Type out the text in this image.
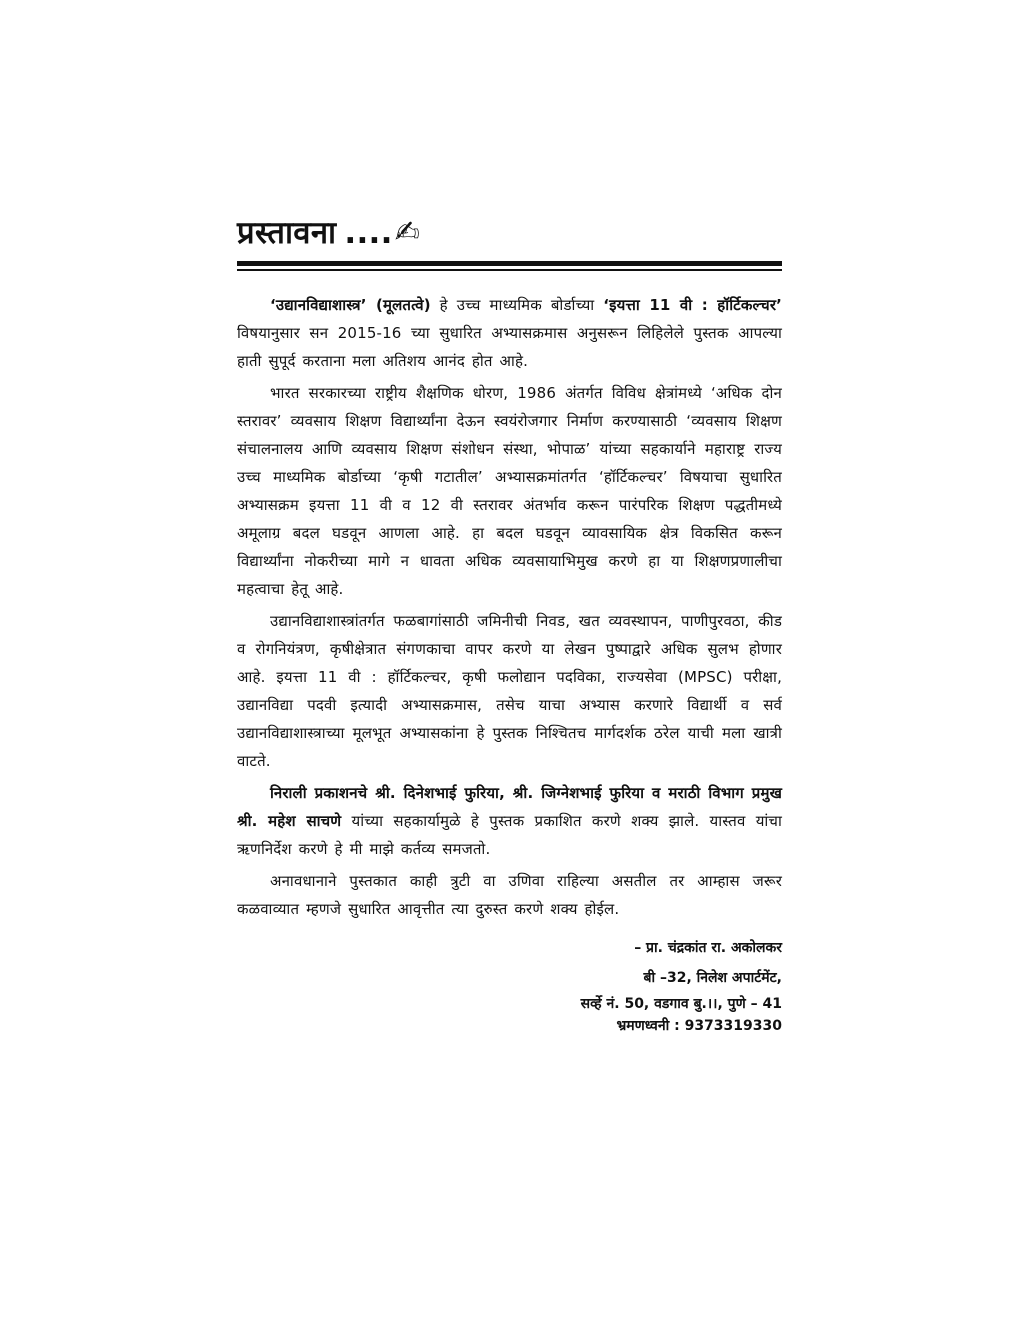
प्रस्तावना .... ✍

‘उद्यानविद्याशास्त्र’ (मूलतत्वे) हे उच्च माध्यमिक बोर्डाच्या ‘इयत्ता 11 वी : हॉर्टिकल्चर’ विषयानुसार सन 2015-16 च्या सुधारित अभ्यासक्रमास अनुसरून लिहिलेले पुस्तक आपल्या हाती सुपूर्द करताना मला अतिशय आनंद होत आहे.

भारत सरकारच्या राष्ट्रीय शैक्षणिक धोरण, 1986 अंतर्गत विविध क्षेत्रांमध्ये ‘अधिक दोन स्तरावर’ व्यवसाय शिक्षण विद्यार्थ्यांना देऊन स्वयंरोजगार निर्माण करण्यासाठी ‘व्यवसाय शिक्षण संचालनालय आणि व्यवसाय शिक्षण संशोधन संस्था, भोपाळ’ यांच्या सहकार्याने महाराष्ट्र राज्य उच्च माध्यमिक बोर्डाच्या ‘कृषी गटातील’ अभ्यासक्रमांतर्गत ‘हॉर्टिकल्चर’ विषयाचा सुधारित अभ्यासक्रम इयत्ता 11 वी व 12 वी स्तरावर अंतर्भाव करून पारंपरिक शिक्षण पद्धतीमध्ये अमूलाग्र बदल घडवून आणला आहे. हा बदल घडवून व्यावसायिक क्षेत्र विकसित करून विद्यार्थ्यांना नोकरीच्या मागे न धावता अधिक व्यवसायाभिमुख करणे हा या शिक्षणप्रणालीचा महत्वाचा हेतू आहे.

उद्यानविद्याशास्त्रांतर्गत फळबागांसाठी जमिनीची निवड, खत व्यवस्थापन, पाणीपुरवठा, कीड व रोगनियंत्रण, कृषीक्षेत्रात संगणकाचा वापर करणे या लेखन पुष्पाद्वारे अधिक सुलभ होणार आहे. इयत्ता 11 वी : हॉर्टिकल्चर, कृषी फलोद्यान पदविका, राज्यसेवा (MPSC) परीक्षा, उद्यानविद्या पदवी इत्यादी अभ्यासक्रमास, तसेच याचा अभ्यास करणारे विद्यार्थी व सर्व उद्यानविद्याशास्त्राच्या मूलभूत अभ्यासकांना हे पुस्तक निश्चितच मार्गदर्शक ठरेल याची मला खात्री वाटते.

निराली प्रकाशनचे श्री. दिनेशभाई फुरिया, श्री. जिग्नेशभाई फुरिया व मराठी विभाग प्रमुख श्री. महेश साचणे यांच्या सहकार्यामुळे हे पुस्तक प्रकाशित करणे शक्य झाले. यास्तव यांचा ऋणनिर्देश करणे हे मी माझे कर्तव्य समजतो.

अनावधानाने पुस्तकात काही त्रुटी वा उणिवा राहिल्या असतील तर आम्हास जरूर कळवाव्यात म्हणजे सुधारित आवृत्तीत त्या दुरुस्त करणे शक्य होईल.

– प्रा. चंद्रकांत रा. अकोलकर
बी –32, निलेश अपार्टमेंट,
सर्व्हे नं. 50, वडगाव बु.।।, पुणे – 41
भ्रमणध्वनी : 9373319330
